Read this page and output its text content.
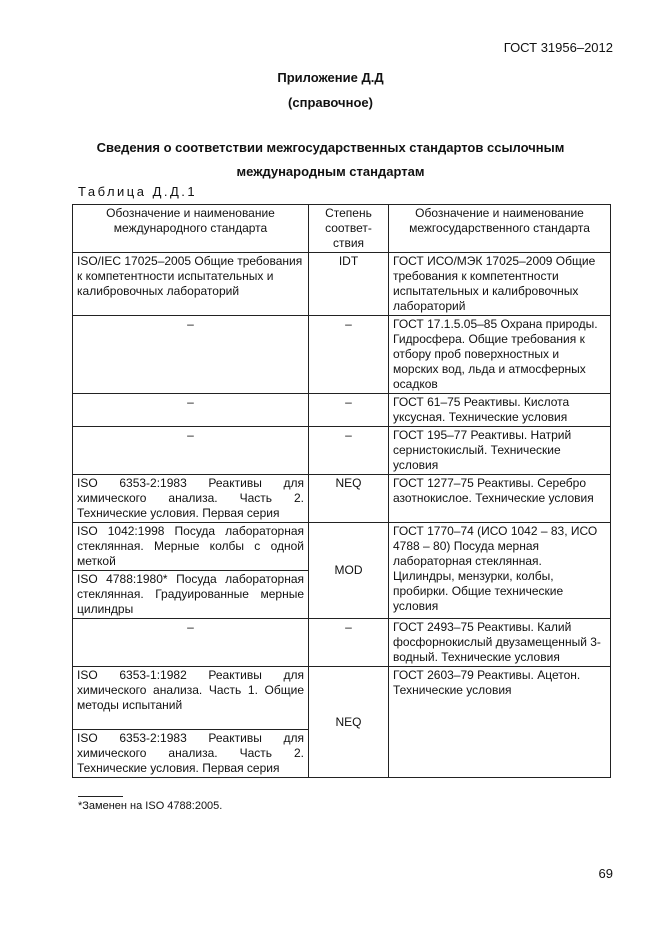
ГОСТ 31956–2012
Приложение Д.Д
(справочное)
Сведения о соответствии межгосударственных стандартов ссылочным
международным стандартам
Таблица Д.Д.1
Обозначение и наименование международного стандарта	Степень соответ-ствия	Обозначение и наименование межгосударственного стандарта
ISO/IEC 17025–2005 Общие требования к компетентности испытательных и калибровочных лабораторий	IDT	ГОСТ ИСО/МЭК 17025–2009 Общие требования к компетентности испытательных и калибровочных лабораторий
–	–	ГОСТ 17.1.5.05–85 Охрана природы. Гидросфера. Общие требования к отбору проб поверхностных и морских вод, льда и атмосферных осадков
–	–	ГОСТ 61–75 Реактивы. Кислота уксусная. Технические условия
–	–	ГОСТ 195–77 Реактивы. Натрий сернистокислый. Технические условия
ISO 6353-2:1983 Реактивы для химического анализа. Часть 2. Технические условия. Первая серия	NEQ	ГОСТ 1277–75 Реактивы. Серебро азотнокислое. Технические условия
ISO 1042:1998 Посуда лабораторная стеклянная. Мерные колбы с одной меткой	MOD	ГОСТ 1770–74 (ИСО 1042 – 83, ИСО 4788 – 80) Посуда мерная лабораторная стеклянная. Цилиндры, мензурки, колбы, пробирки. Общие технические условия
ISO 4788:1980* Посуда лабораторная стеклянная. Градуированные мерные цилиндры		
–	–	ГОСТ 2493–75 Реактивы. Калий фосфорнокислый двузамещенный 3-водный. Технические условия
ISO 6353-1:1982 Реактивы для химического анализа. Часть 1. Общие методы испытаний	NEQ	ГОСТ 2603–79 Реактивы. Ацетон. Технические условия
ISO 6353-2:1983 Реактивы для химического анализа. Часть 2. Технические условия. Первая серия		
*Заменен на ISO 4788:2005.
69
